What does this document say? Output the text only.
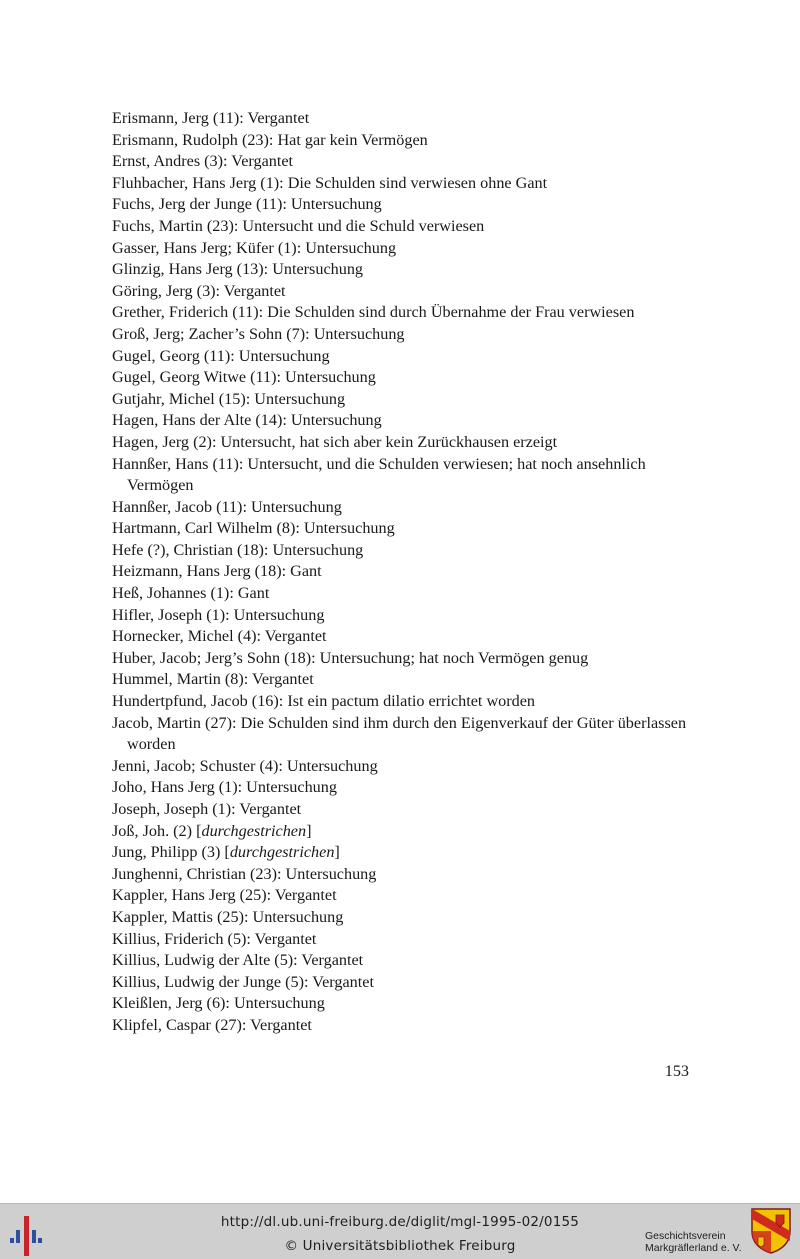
Erismann, Jerg (11): Vergantet
Erismann, Rudolph (23): Hat gar kein Vermögen
Ernst, Andres (3): Vergantet
Fluhbacher, Hans Jerg (1): Die Schulden sind verwiesen ohne Gant
Fuchs, Jerg der Junge (11): Untersuchung
Fuchs, Martin (23): Untersucht und die Schuld verwiesen
Gasser, Hans Jerg; Küfer (1): Untersuchung
Glinzig, Hans Jerg (13): Untersuchung
Göring, Jerg (3): Vergantet
Grether, Friderich (11): Die Schulden sind durch Übernahme der Frau verwiesen
Groß, Jerg; Zacher’s Sohn (7): Untersuchung
Gugel, Georg (11): Untersuchung
Gugel, Georg Witwe (11): Untersuchung
Gutjahr, Michel (15): Untersuchung
Hagen, Hans der Alte (14): Untersuchung
Hagen, Jerg (2): Untersucht, hat sich aber kein Zurückhausen erzeigt
Hannßer, Hans (11): Untersucht, und die Schulden verwiesen; hat noch ansehnlich Vermögen
Hannßer, Jacob (11): Untersuchung
Hartmann, Carl Wilhelm (8): Untersuchung
Hefe (?), Christian (18): Untersuchung
Heizmann, Hans Jerg (18): Gant
Heß, Johannes (1): Gant
Hifler, Joseph (1): Untersuchung
Hornecker, Michel (4): Vergantet
Huber, Jacob; Jerg’s Sohn (18): Untersuchung; hat noch Vermögen genug
Hummel, Martin (8): Vergantet
Hundertpfund, Jacob (16): Ist ein pactum dilatio errichtet worden
Jacob, Martin (27): Die Schulden sind ihm durch den Eigenverkauf der Güter überlassen worden
Jenni, Jacob; Schuster (4): Untersuchung
Joho, Hans Jerg (1): Untersuchung
Joseph, Joseph (1): Vergantet
Joß, Joh. (2) [durchgestrichen]
Jung, Philipp (3) [durchgestrichen]
Junghenni, Christian (23): Untersuchung
Kappler, Hans Jerg (25): Vergantet
Kappler, Mattis (25): Untersuchung
Killius, Friderich (5): Vergantet
Killius, Ludwig der Alte (5): Vergantet
Killius, Ludwig der Junge (5): Vergantet
Kleißlen, Jerg (6): Untersuchung
Klipfel, Caspar (27): Vergantet
153
http://dl.ub.uni-freiburg.de/diglit/mgl-1995-02/0155
© Universitätsbibliothek Freiburg
Geschichtsverein
Markgräflerland e. V.
